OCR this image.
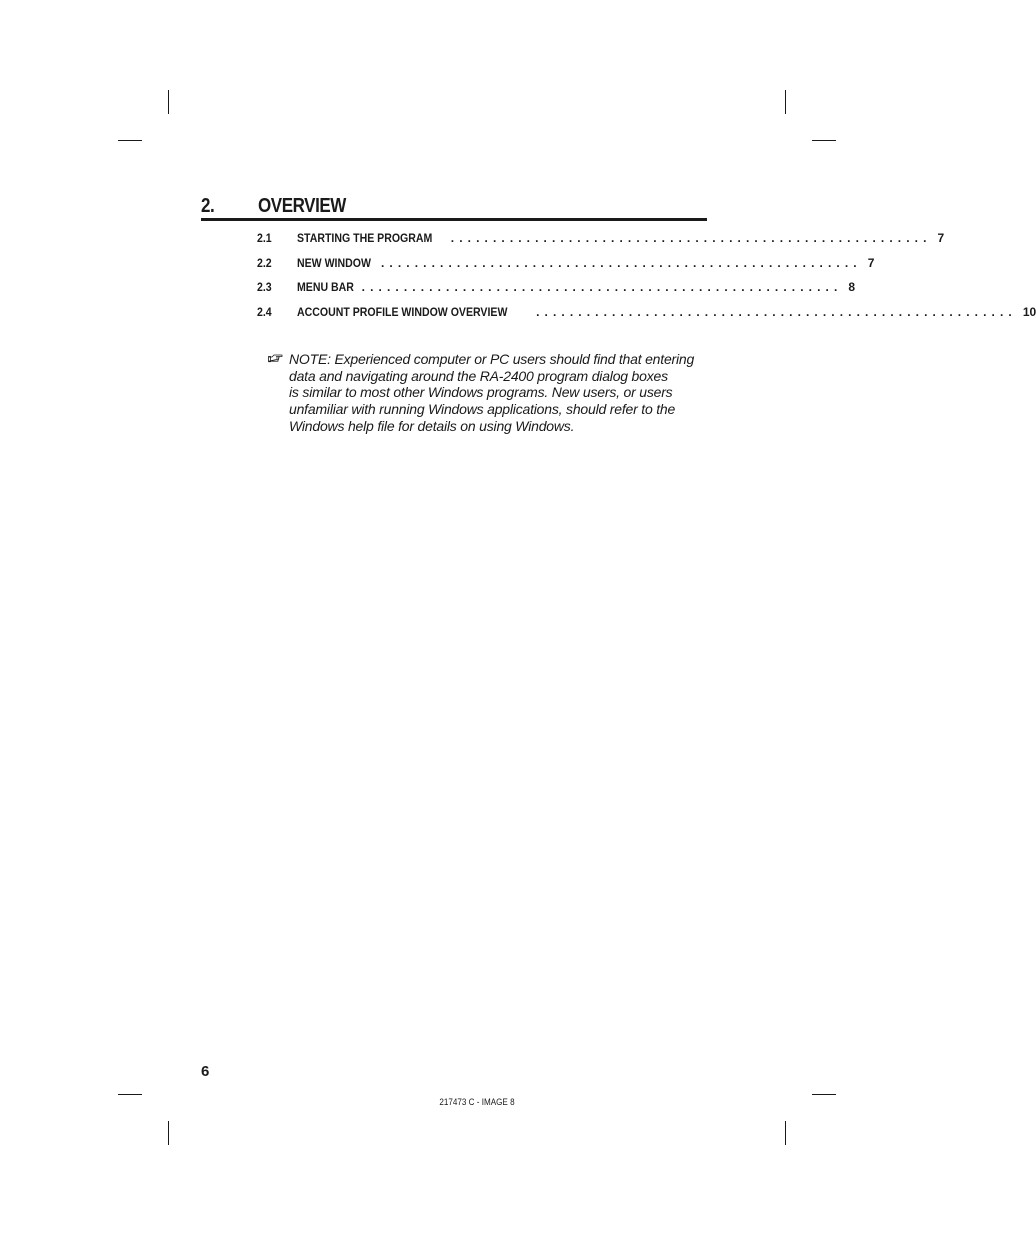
2. OVERVIEW
2.1 STARTING THE PROGRAM ......................................................... 7
2.2 NEW WINDOW ......................................................... 7
2.3 MENU BAR ......................................................... 8
2.4 ACCOUNT PROFILE WINDOW OVERVIEW ......................................................... 10
NOTE: Experienced computer or PC users should find that entering
data and navigating around the RA-2400 program dialog boxes
is similar to most other Windows programs. New users, or users
unfamiliar with running Windows applications, should refer to the
Windows help file for details on using Windows.
6
217473 C - IMAGE 8
